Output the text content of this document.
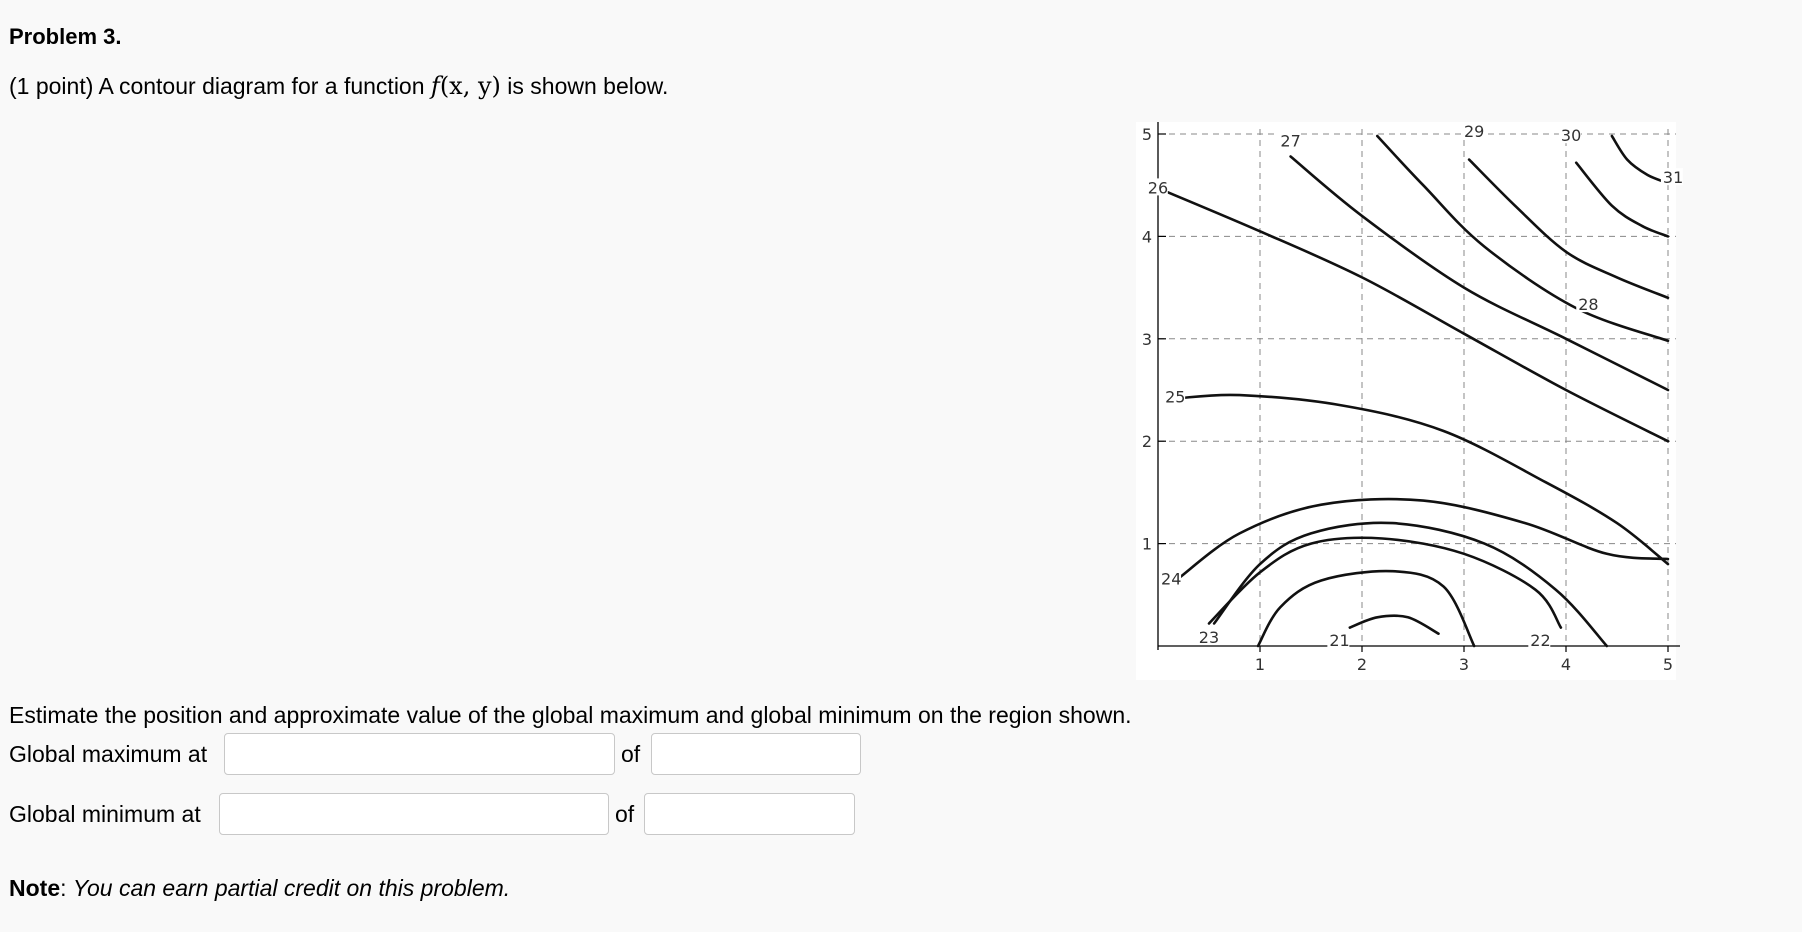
Problem 3.
(1 point) A contour diagram for a function f(x, y) is shown below.
1	2	3	4	5
1
2
3
4
5
21	22
23
24
25
26
27
28
29	30
31
Estimate the position and approximate value of the global maximum and global minimum on the region shown.
Global maximum at	of
Global minimum at	of
Note: You can earn partial credit on this problem.
